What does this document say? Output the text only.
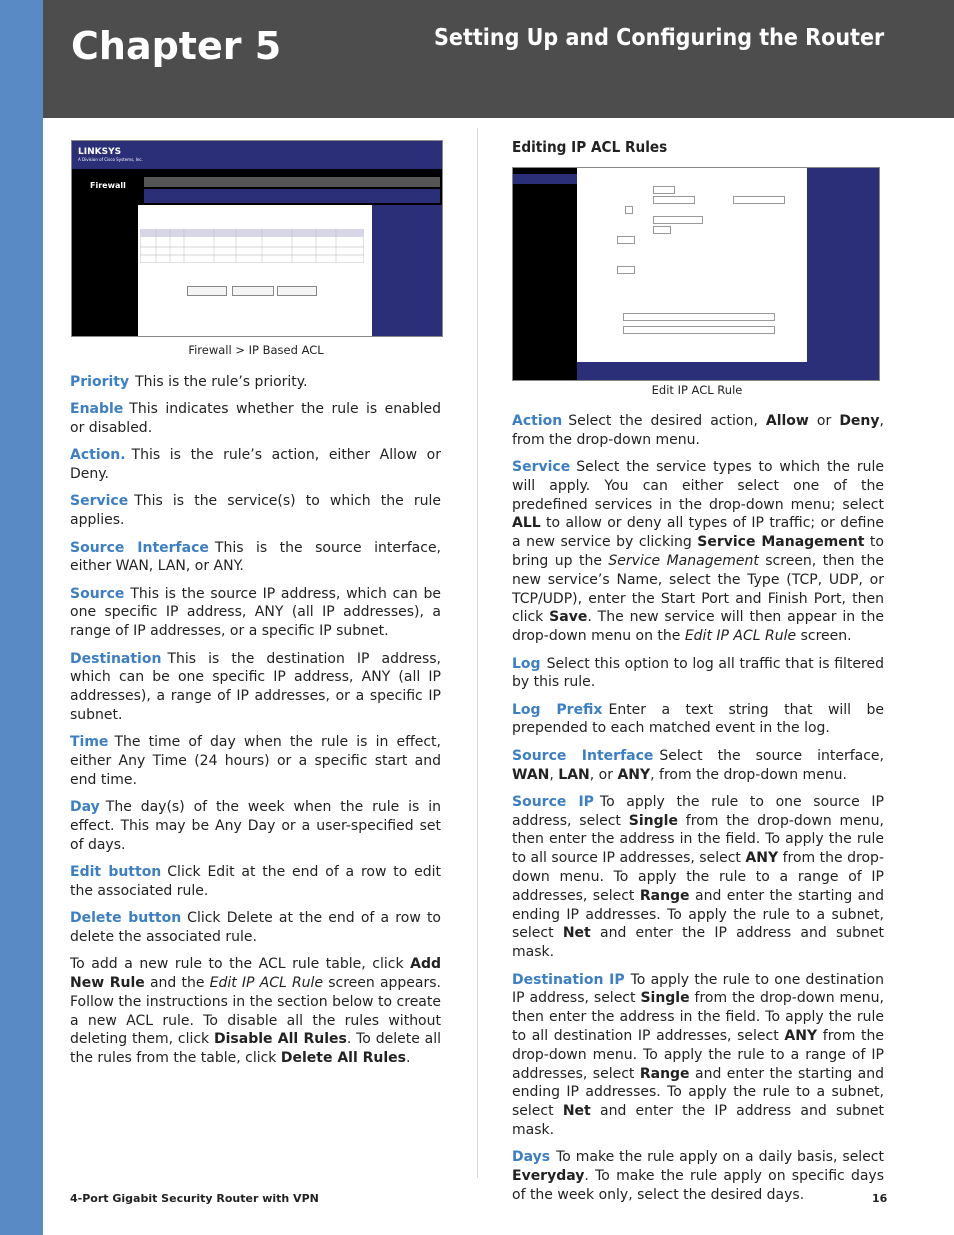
Chapter 5	Setting Up and Configuring the Router
LINKSYS
A Division of Cisco Systems, Inc.
Firewall
Firewall > IP Based ACL

Priority This is the rule’s priority.

Enable This indicates whether the rule is enabled or disabled.

Action. This is the rule’s action, either Allow or Deny.

Service This is the service(s) to which the rule applies.

Source Interface This is the source interface, either WAN, LAN, or ANY.

Source This is the source IP address, which can be one specific IP address, ANY (all IP addresses), a range of IP addresses, or a specific IP subnet.

Destination This is the destination IP address, which can be one specific IP address, ANY (all IP addresses), a range of IP addresses, or a specific IP subnet.

Time The time of day when the rule is in effect, either Any Time (24 hours) or a specific start and end time.

Day The day(s) of the week when the rule is in effect. This may be Any Day or a user-specified set of days.

Edit button Click Edit at the end of a row to edit the associated rule.

Delete button Click Delete at the end of a row to delete the associated rule.

To add a new rule to the ACL rule table, click Add New Rule and the Edit IP ACL Rule screen appears. Follow the instructions in the section below to create a new ACL rule. To disable all the rules without deleting them, click Disable All Rules. To delete all the rules from the table, click Delete All Rules.

Editing IP ACL Rules
Edit IP ACL Rule

Action Select the desired action, Allow or Deny, from the drop-down menu.

Service Select the service types to which the rule will apply. You can either select one of the predefined services in the drop-down menu; select ALL to allow or deny all types of IP traffic; or define a new service by clicking Service Management to bring up the Service Management screen, then the new service’s Name, select the Type (TCP, UDP, or TCP/UDP), enter the Start Port and Finish Port, then click Save. The new service will then appear in the drop-down menu on the Edit IP ACL Rule screen.

Log Select this option to log all traffic that is filtered by this rule.

Log Prefix Enter a text string that will be prepended to each matched event in the log.

Source Interface Select the source interface, WAN, LAN, or ANY, from the drop-down menu.

Source IP To apply the rule to one source IP address, select Single from the drop-down menu, then enter the address in the field. To apply the rule to all source IP addresses, select ANY from the drop-down menu. To apply the rule to a range of IP addresses, select Range and enter the starting and ending IP addresses. To apply the rule to a subnet, select Net and enter the IP address and subnet mask.

Destination IP To apply the rule to one destination IP address, select Single from the drop-down menu, then enter the address in the field. To apply the rule to all destination IP addresses, select ANY from the drop-down menu. To apply the rule to a range of IP addresses, select Range and enter the starting and ending IP addresses. To apply the rule to a subnet, select Net and enter the IP address and subnet mask.

Days To make the rule apply on a daily basis, select Everyday. To make the rule apply on specific days of the week only, select the desired days.

4-Port Gigabit Security Router with VPN	16
